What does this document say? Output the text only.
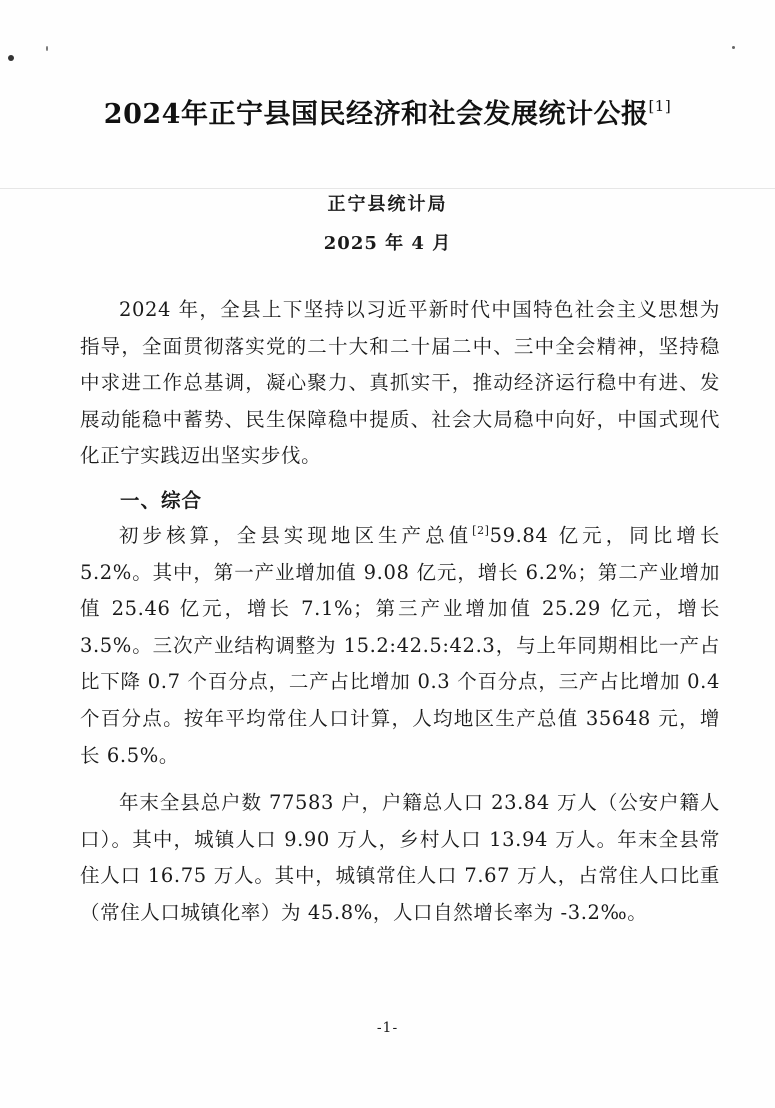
2024年正宁县国民经济和社会发展统计公报[1]
正宁县统计局
2025 年 4 月

2024 年，全县上下坚持以习近平新时代中国特色社会主义思想为指导，全面贯彻落实党的二十大和二十届二中、三中全会精神，坚持稳中求进工作总基调，凝心聚力、真抓实干，推动经济运行稳中有进、发展动能稳中蓄势、民生保障稳中提质、社会大局稳中向好，中国式现代化正宁实践迈出坚实步伐。

一、综合

初步核算，全县实现地区生产总值[2]59.84 亿元，同比增长 5.2%。其中，第一产业增加值 9.08 亿元，增长 6.2%；第二产业增加值 25.46 亿元，增长 7.1%；第三产业增加值 25.29 亿元，增长 3.5%。三次产业结构调整为 15.2:42.5:42.3，与上年同期相比一产占比下降 0.7 个百分点，二产占比增加 0.3 个百分点，三产占比增加 0.4 个百分点。按年平均常住人口计算，人均地区生产总值 35648 元，增长 6.5%。

年末全县总户数 77583 户，户籍总人口 23.84 万人（公安户籍人口）。其中，城镇人口 9.90 万人，乡村人口 13.94 万人。年末全县常住人口 16.75 万人。其中，城镇常住人口 7.67 万人，占常住人口比重（常住人口城镇化率）为 45.8%，人口自然增长率为 -3.2‰。

-1-
